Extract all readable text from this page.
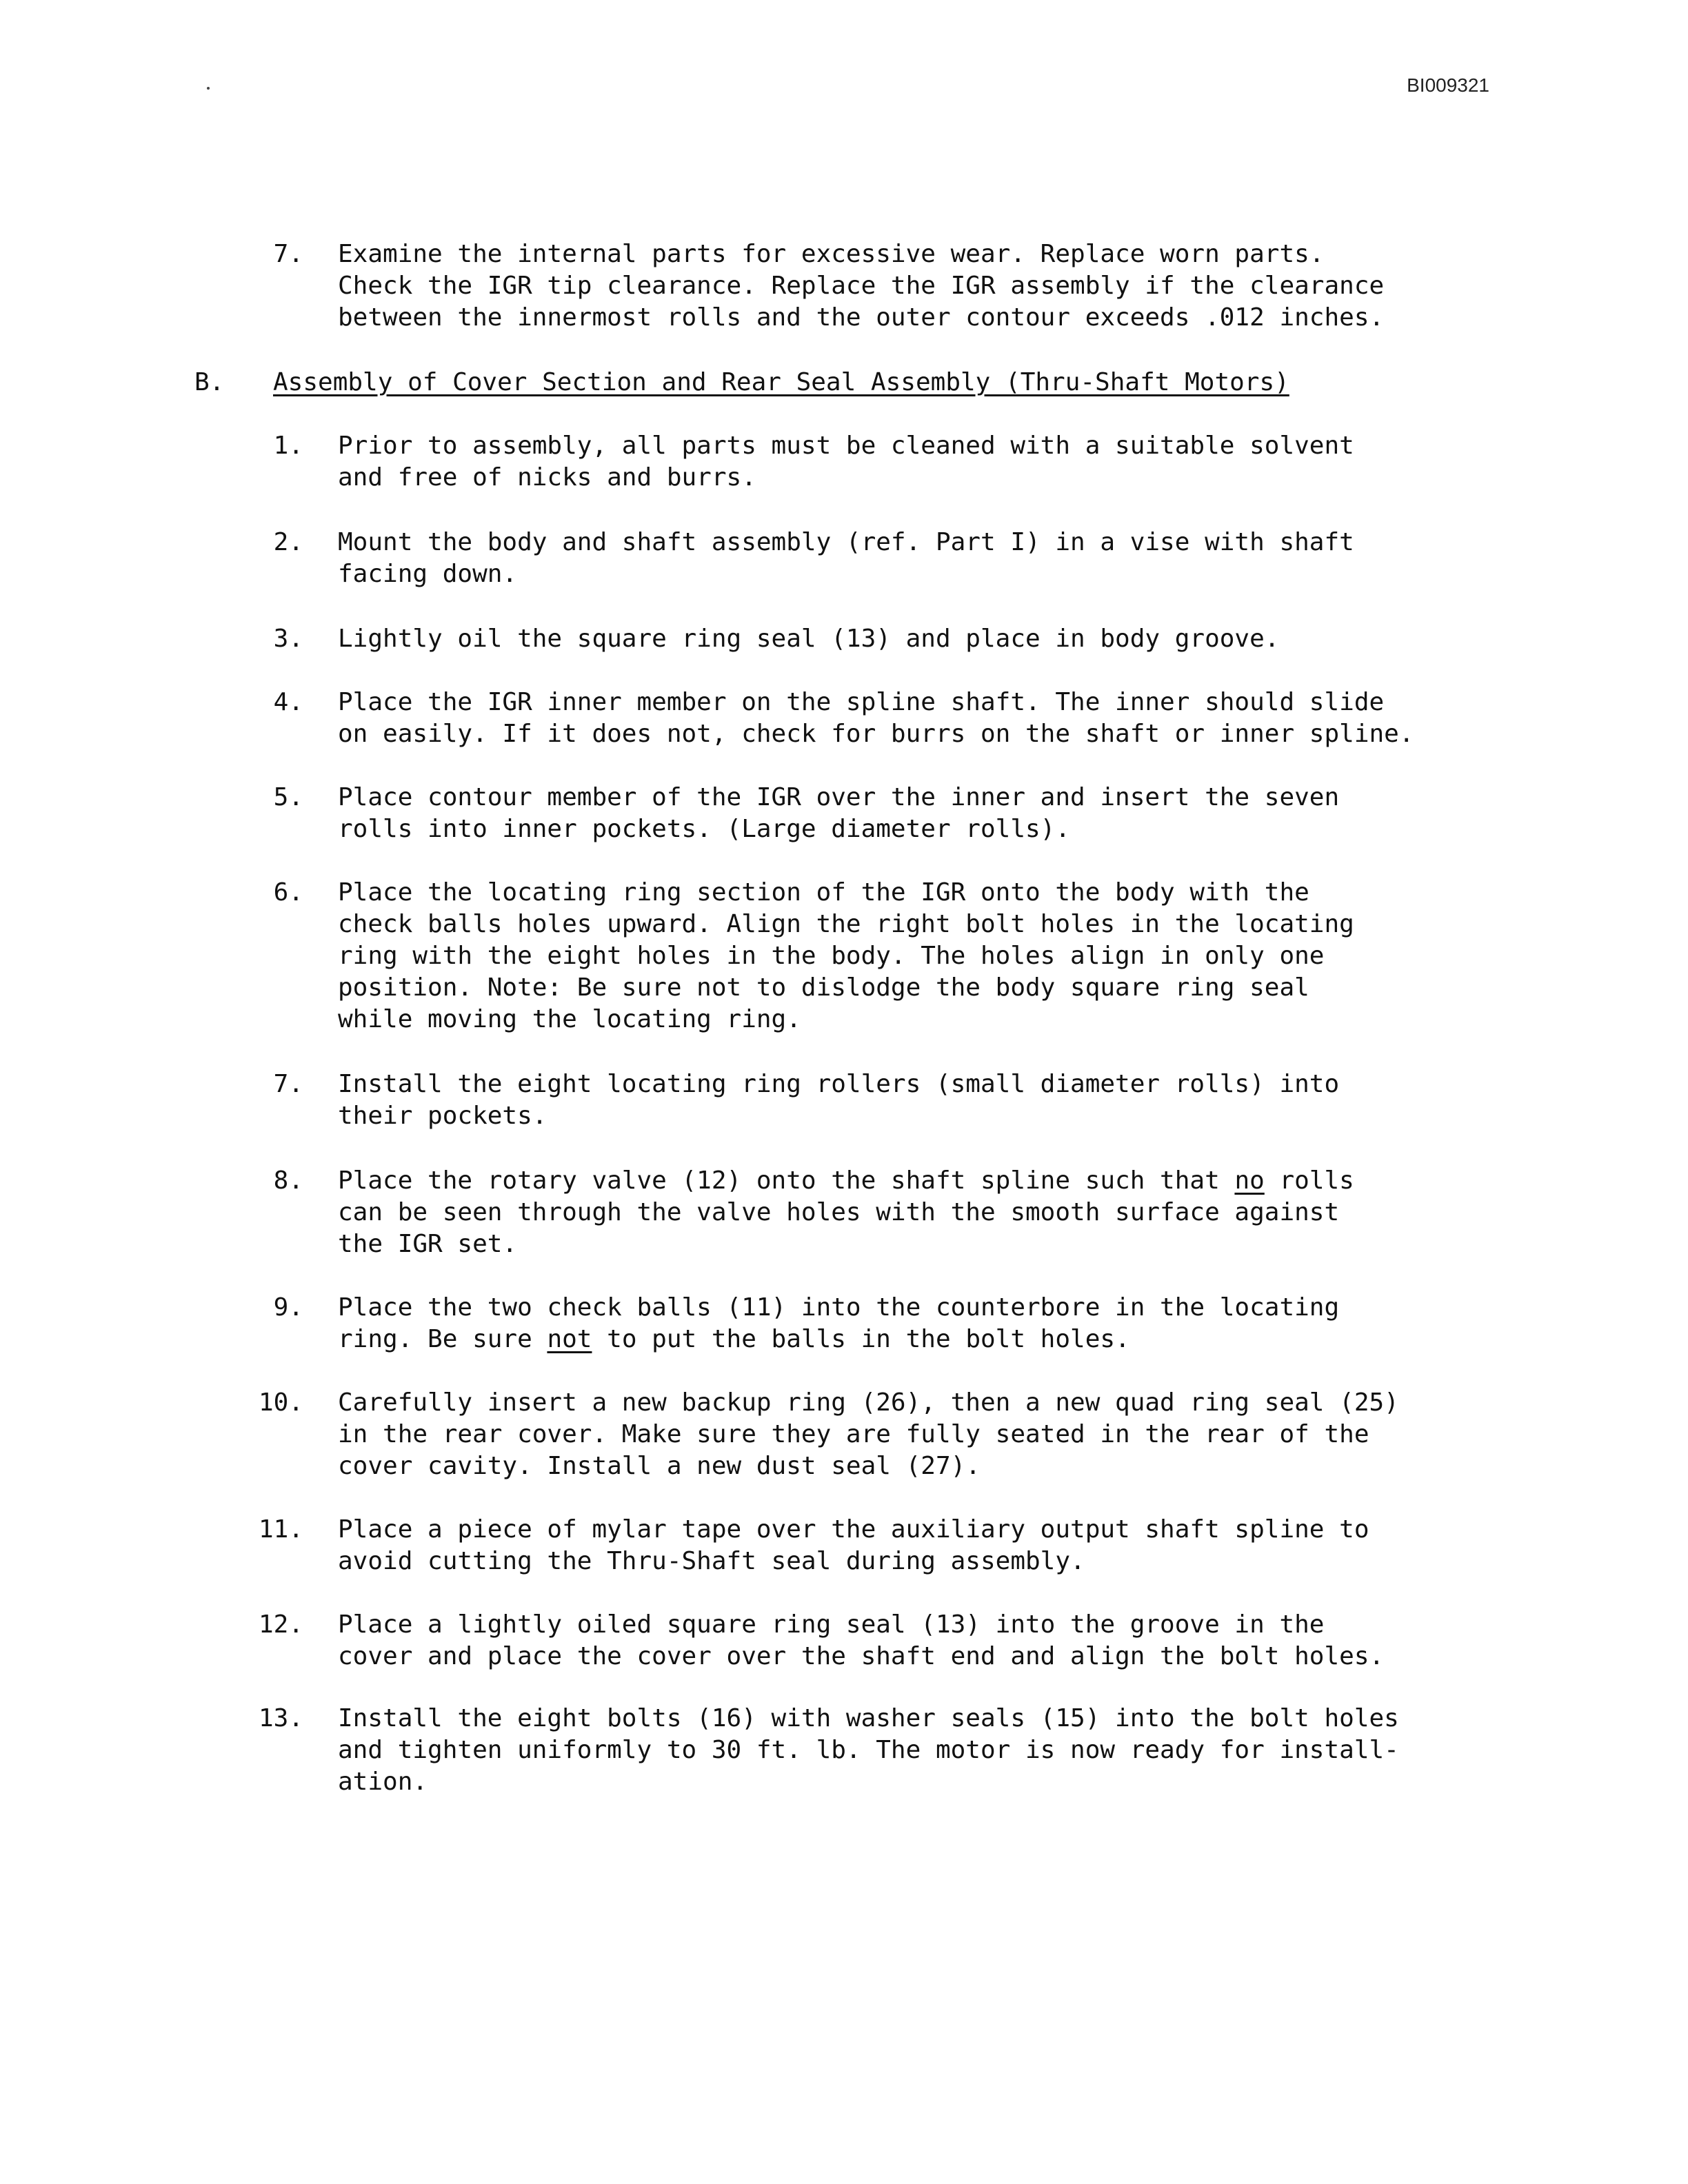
BI009321
7. Examine the internal parts for excessive wear. Replace worn parts.
Check the IGR tip clearance. Replace the IGR assembly if the clearance
between the innermost rolls and the outer contour exceeds .012 inches.
B. Assembly of Cover Section and Rear Seal Assembly (Thru-Shaft Motors)
1. Prior to assembly, all parts must be cleaned with a suitable solvent
and free of nicks and burrs.
2. Mount the body and shaft assembly (ref. Part I) in a vise with shaft
facing down.
3. Lightly oil the square ring seal (13) and place in body groove.
4. Place the IGR inner member on the spline shaft. The inner should slide
on easily. If it does not, check for burrs on the shaft or inner spline.
5. Place contour member of the IGR over the inner and insert the seven
rolls into inner pockets. (Large diameter rolls).
6. Place the locating ring section of the IGR onto the body with the
check balls holes upward. Align the right bolt holes in the locating
ring with the eight holes in the body. The holes align in only one
position. Note: Be sure not to dislodge the body square ring seal
while moving the locating ring.
7. Install the eight locating ring rollers (small diameter rolls) into
their pockets.
8. Place the rotary valve (12) onto the shaft spline such that no rolls
can be seen through the valve holes with the smooth surface against
the IGR set.
9. Place the two check balls (11) into the counterbore in the locating
ring. Be sure not to put the balls in the bolt holes.
10. Carefully insert a new backup ring (26), then a new quad ring seal (25)
in the rear cover. Make sure they are fully seated in the rear of the
cover cavity. Install a new dust seal (27).
11. Place a piece of mylar tape over the auxiliary output shaft spline to
avoid cutting the Thru-Shaft seal during assembly.
12. Place a lightly oiled square ring seal (13) into the groove in the
cover and place the cover over the shaft end and align the bolt holes.
13. Install the eight bolts (16) with washer seals (15) into the bolt holes
and tighten uniformly to 30 ft. lb. The motor is now ready for install-
ation.
